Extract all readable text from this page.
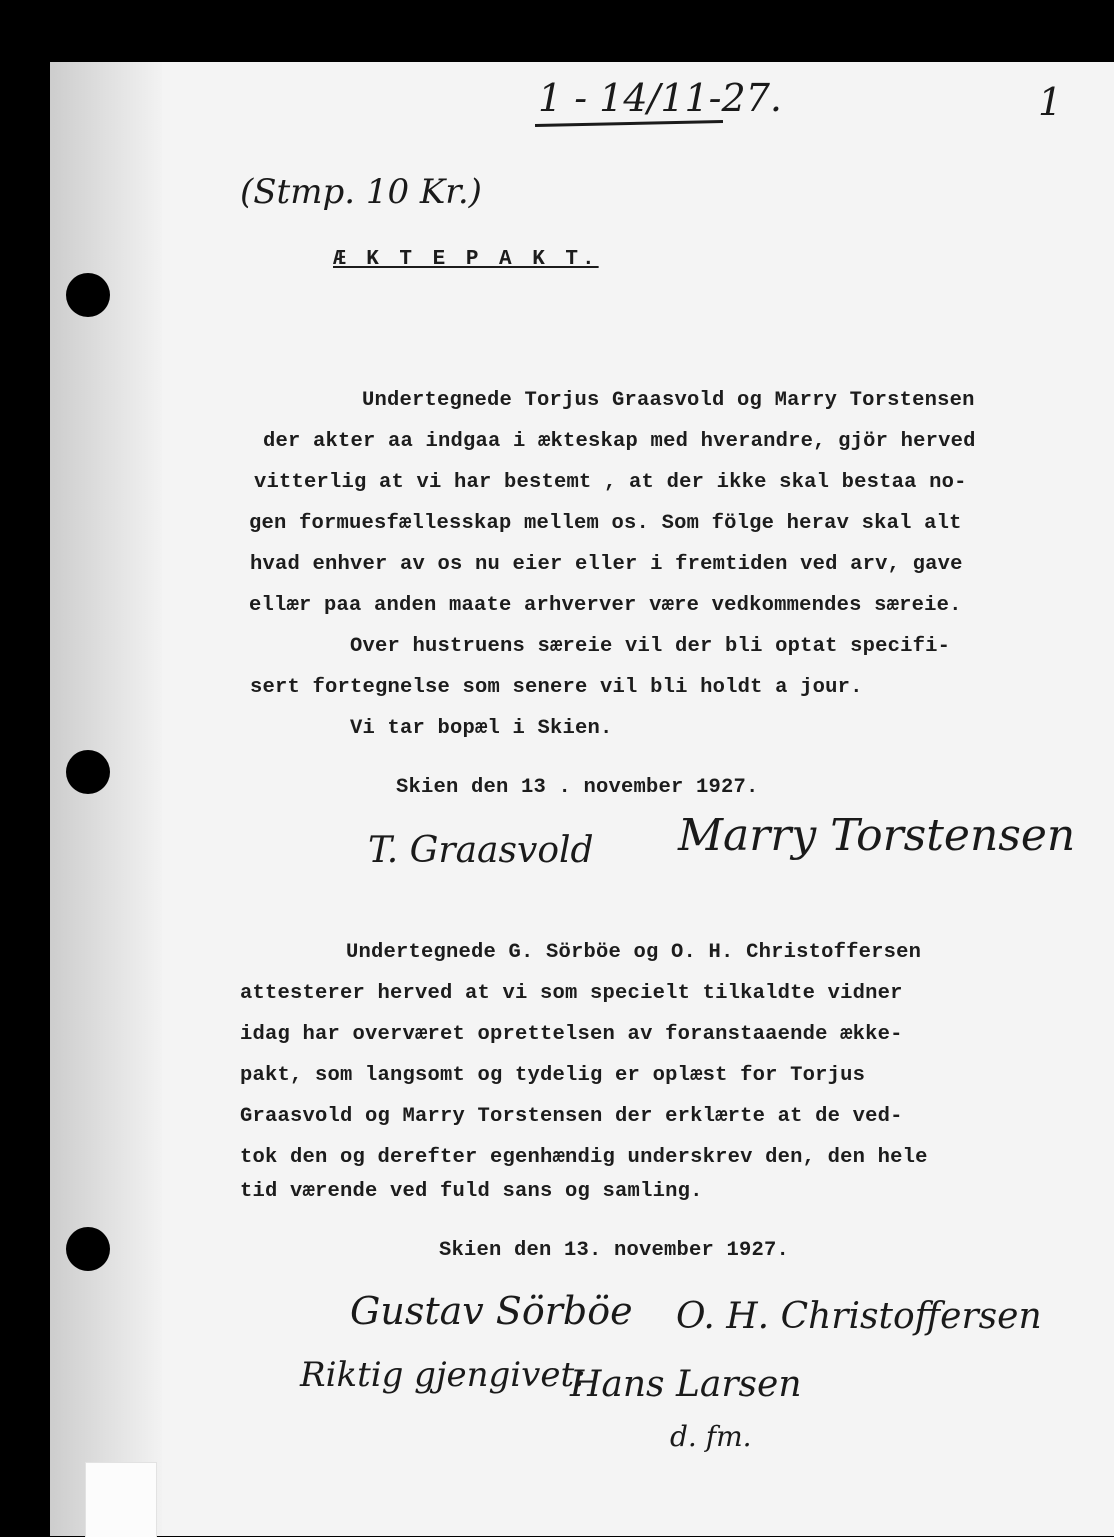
1 - 14/11-27.	1
(Stmp. 10 Kr.)
Æ K T E P A K T.
Undertegnede Torjus Graasvold og Marry Torstensen
der akter aa indgaa i ækteskap med hverandre, gjör herved
vitterlig at vi har bestemt , at der ikke skal bestaa no-
gen formuesfællesskap mellem os. Som fölge herav skal alt
hvad enhver av os nu eier eller i fremtiden ved arv, gave
ellær paa anden maate arhverver være vedkommendes særeie.
Over hustruens særeie vil der bli optat specifi-
sert fortegnelse som senere vil bli holdt a jour.
Vi tar bopæl i Skien.
Skien den 13 . november 1927.
T. Graasvold Marry Torstensen
Undertegnede G. Sörböe og O. H. Christoffersen
attesterer herved at vi som specielt tilkaldte vidner
idag har overværet oprettelsen av foranstaaende ække-
pakt, som langsomt og tydelig er oplæst for Torjus
Graasvold og Marry Torstensen der erklærte at de ved-
tok den og derefter egenhændig underskrev den, den hele
tid værende ved fuld sans og samling.
Skien den 13. november 1927.
Gustav Sörböe O. H. Christoffersen
Riktig gjengivet:
Hans Larsen
d. fm.
